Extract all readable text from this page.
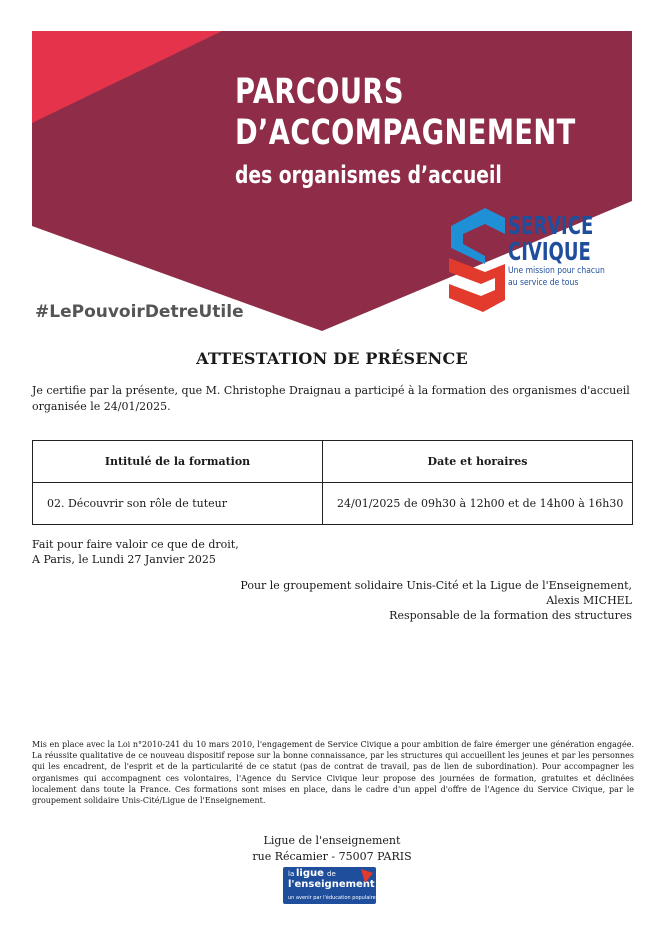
PARCOURS
D’ACCOMPAGNEMENT
des organismes d’accueil
#LePouvoirDetreUtile
SERVICE
CIVIQUE
Une mission pour chacun
au service de tous
ATTESTATION DE PRÉSENCE
Je certifie par la présente, que M. Christophe Draignau a participé à la formation des organismes d'accueil organisée le 24/01/2025.
Intitulé de la formation	Date et horaires
02. Découvrir son rôle de tuteur	24/01/2025 de 09h30 à 12h00 et de 14h00 à 16h30
Fait pour faire valoir ce que de droit,
A Paris, le Lundi 27 Janvier 2025
Pour le groupement solidaire Unis-Cité et la Ligue de l'Enseignement,
Alexis MICHEL
Responsable de la formation des structures
Mis en place avec la Loi n°2010-241 du 10 mars 2010, l'engagement de Service Civique a pour ambition de faire émerger une génération engagée. La réussite qualitative de ce nouveau dispositif repose sur la bonne connaissance, par les structures qui accueillent les jeunes et par les personnes qui les encadrent, de l'esprit et de la particularité de ce statut (pas de contrat de travail, pas de lien de subordination). Pour accompagner les organismes qui accompagnent ces volontaires, l'Agence du Service Civique leur propose des journées de formation, gratuites et déclinées localement dans toute la France. Ces formations sont mises en place, dans le cadre d'un appel d'offre de l'Agence du Service Civique, par le groupement solidaire Unis-Cité/Ligue de l'Enseignement.
Ligue de l'enseignement
rue Récamier - 75007 PARIS
la ligue de
l'enseignement
un avenir par l'éducation populaire
